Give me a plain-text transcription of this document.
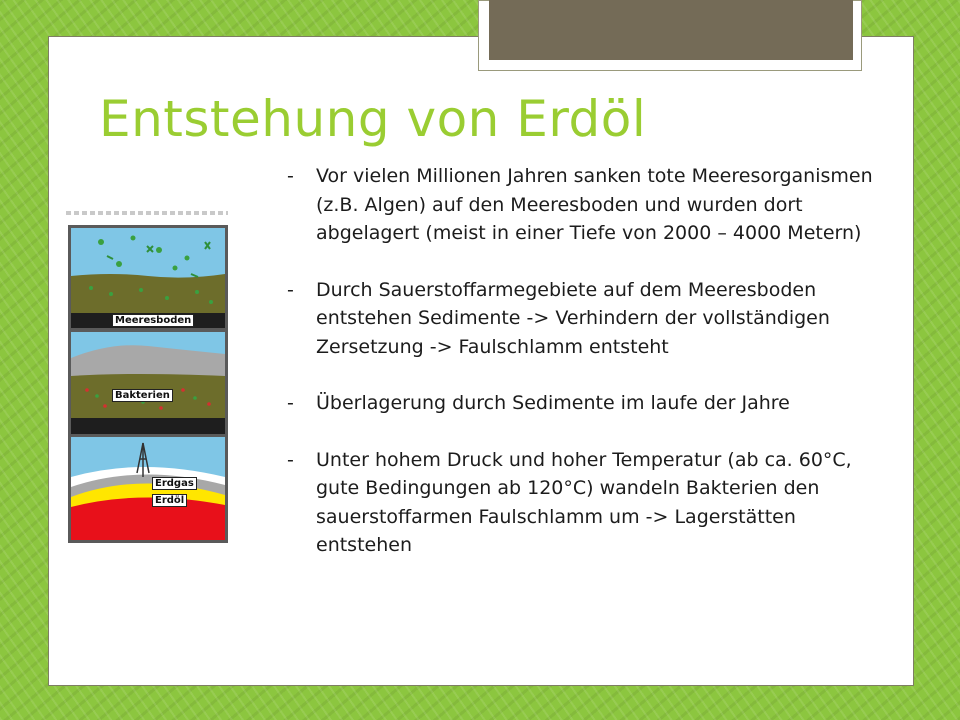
Entstehung von Erdöl
Meeresboden
Bakterien
Erdgas
Erdöl
- Vor vielen Millionen Jahren sanken tote Meeresorganismen (z.B. Algen) auf den Meeresboden und wurden dort abgelagert (meist in einer Tiefe von 2000 – 4000 Metern)
- Durch Sauerstoffarmegebiete auf dem Meeresboden entstehen Sedimente -> Verhindern der vollständigen Zersetzung -> Faulschlamm entsteht
- Überlagerung durch Sedimente im laufe der Jahre
- Unter hohem Druck und hoher Temperatur (ab ca. 60°C, gute Bedingungen ab 120°C) wandeln Bakterien den sauerstoffarmen Faulschlamm um -> Lagerstätten entstehen
